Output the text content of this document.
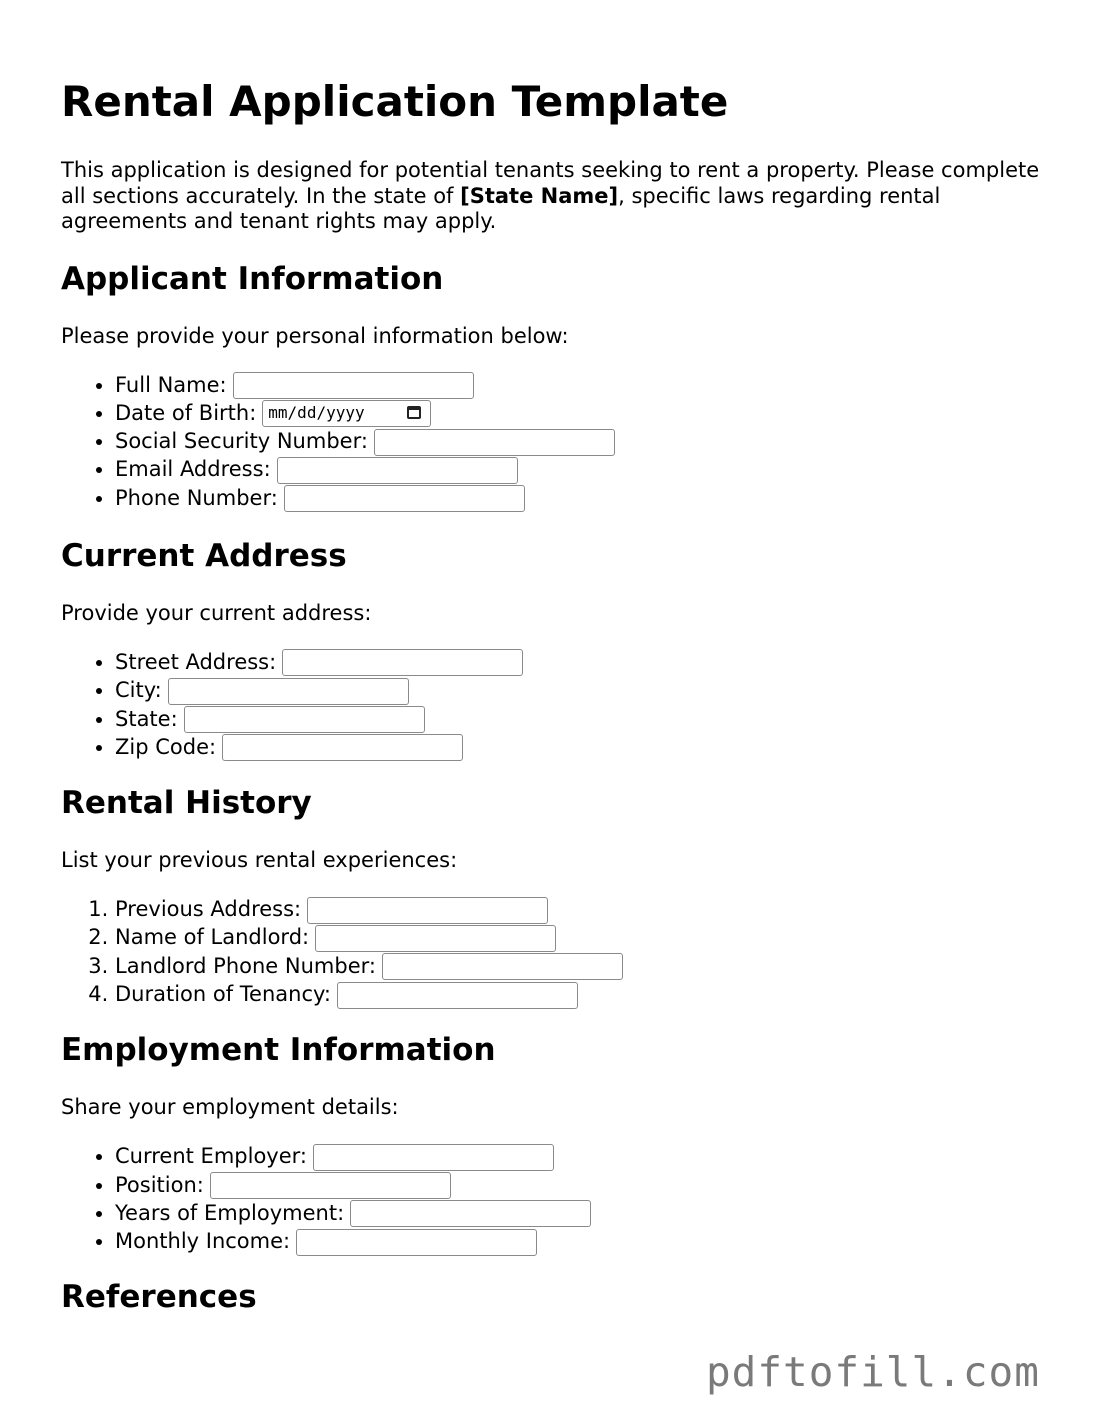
Rental Application Template

This application is designed for potential tenants seeking to rent a property. Please complete all sections accurately. In the state of [State Name], specific laws regarding rental agreements and tenant rights may apply.

Applicant Information

Please provide your personal information below:

• Full Name:
• Date of Birth: mm/dd/yyyy
• Social Security Number:
• Email Address:
• Phone Number:
Current Address

Provide your current address:

• Street Address:
• City:
• State:
• Zip Code:
Rental History

List your previous rental experiences:

1. Previous Address:
2. Name of Landlord:
3. Landlord Phone Number:
4. Duration of Tenancy:
Employment Information

Share your employment details:

• Current Employer:
• Position:
• Years of Employment:
• Monthly Income:
References
pdftofill.com
